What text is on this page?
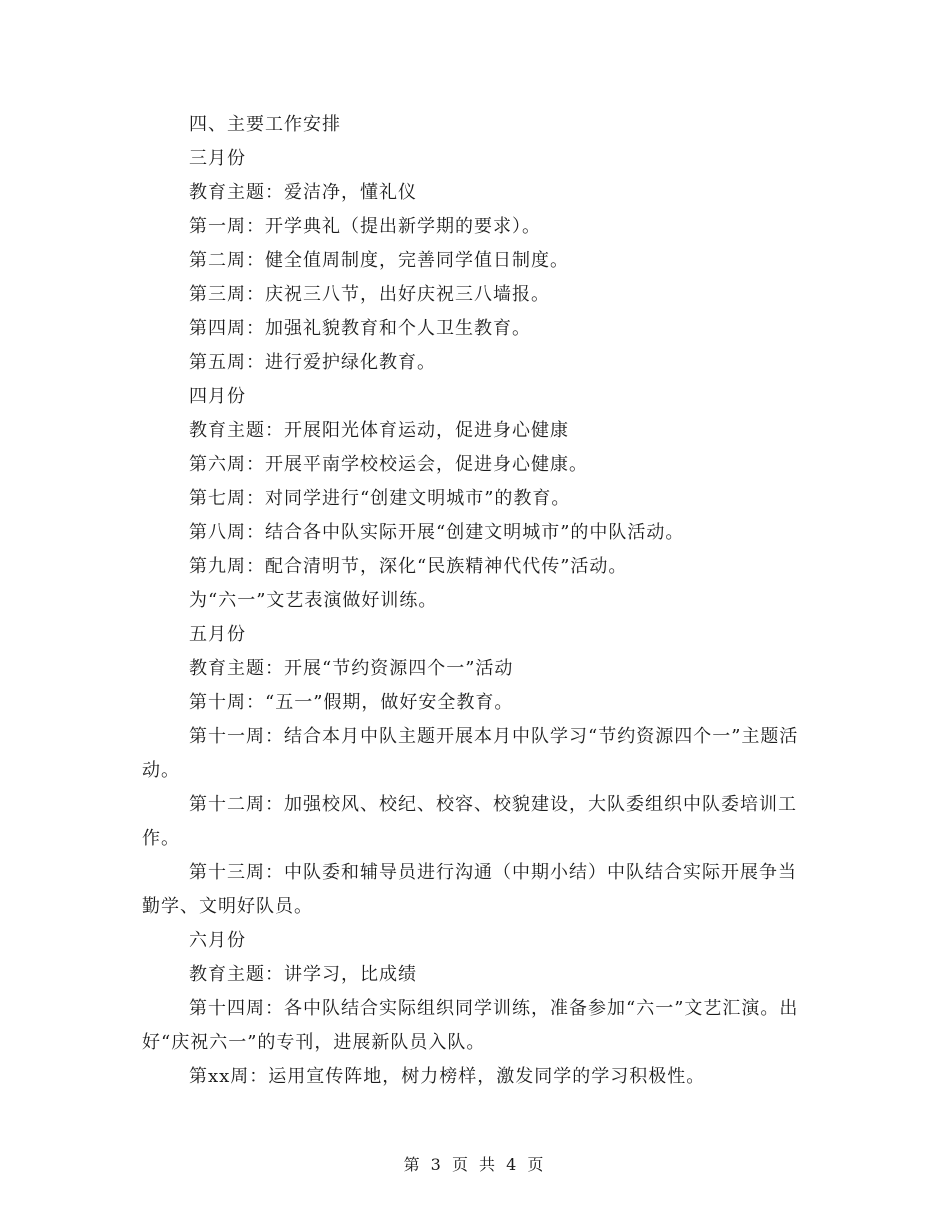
四、主要工作安排

三月份

教育主题：爱洁净，懂礼仪

第一周：开学典礼（提出新学期的要求）。

第二周：健全值周制度，完善同学值日制度。

第三周：庆祝三八节，出好庆祝三八墙报。

第四周：加强礼貌教育和个人卫生教育。

第五周：进行爱护绿化教育。

四月份

教育主题：开展阳光体育运动，促进身心健康

第六周：开展平南学校校运会，促进身心健康。

第七周：对同学进行“创建文明城市”的教育。

第八周：结合各中队实际开展“创建文明城市”的中队活动。

第九周：配合清明节，深化“民族精神代代传”活动。

为“六一”文艺表演做好训练。

五月份

教育主题：开展“节约资源四个一”活动

第十周：“五一”假期，做好安全教育。

第十一周：结合本月中队主题开展本月中队学习“节约资源四个一”主题活动。

第十二周：加强校风、校纪、校容、校貌建设，大队委组织中队委培训工作。

第十三周：中队委和辅导员进行沟通（中期小结）中队结合实际开展争当勤学、文明好队员。

六月份

教育主题：讲学习，比成绩

第十四周：各中队结合实际组织同学训练，准备参加“六一”文艺汇演。出好“庆祝六一”的专刊，进展新队员入队。

第xx周：运用宣传阵地，树力榜样，激发同学的学习积极性。

第 3 页 共 4 页
